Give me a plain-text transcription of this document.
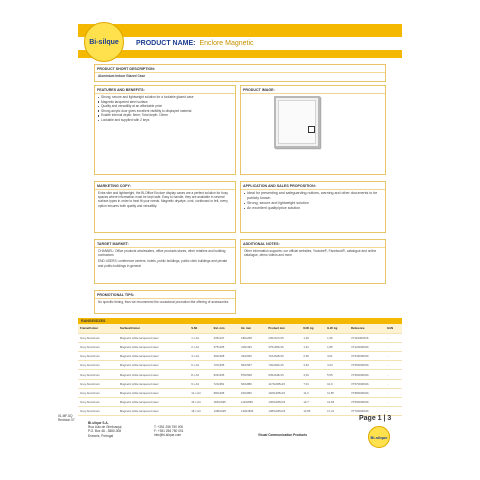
Bi-silque PRODUCT NAME: Enclore Magnetic
PRODUCT SHORT DESCRIPTION:
Aluminium Indoor Glazed Case
FEATURES AND BENEFITS:
Strong, secure and lightweight solution for a lockable glazed case
Magnetic lacquered steel surface
Quality and versatility at an affordable price
Strong acrylic door gives excellent visibility to displayed material
Enable internal depth: 8mm; Total depth: 15mm
Lockable and supplied with 2 keys
PRODUCT IMAGE:
MARKETING COPY:
Extra slim and lightweight, the Bi-Office Enclore display cases are a perfect solution for busy spaces where information must be kept safe. Easy to handle, they are available in several surface types in order to best fit your needs. Magnetic drywipe, cork, corkboard or felt, every option ensures both quality and versatility.
APPLICATION AND SALES PROPOSITION:
Ideal for presenting and safeguarding notices, warning and other documents to be publicly known
Strong, secure and lightweight solution
An excellent quality/price solution
TARGET MARKET:
CHANNEL: Office products wholesalers, office products stores, other retailers and building contractors
END USERS: conference centers, hotels, public buildings, public clerk buildings and private and public buildings in general
ADDITIONAL NOTES:
Other information supports: our official websites, Youtube®, Facebook®, catalogue and online catalogue, demo videos and more
PROMOTIONAL TIPS:
No specific timing, thus we recommend the occasional promotion like offering of accessories.
RANGE/SIZES
Frame/Colour	Surface/Colour	S.N1	Ext. mm	Int. mm	Product mm	N.W. kg	G.W. kg	Reference	EAN
Grey Aluminium	Magnetic white lacquered steel	1 x A4	236x347	180x268	236x347x15	1,20	1,36	VT110000016	-
Grey Aluminium	Magnetic white lacquered steel	2 x A4	375x465	318x393	375x465x15	1,61	1,88	VT120000016	-
Grey Aluminium	Magnetic white lacquered steel	4 x A4	490x628	434x560	710x628x15	2,50	4,01	VT640000016	-
Grey Aluminium	Magnetic white lacquered steel	6 x A4	720x635	663x567	720x600x15	3,63	4,34	VT650000016	-
Grey Aluminium	Magnetic white lacquered steel	8 x A4	933x635	878x568	935x648x15	4,03	5,55	VT660000016	-
Grey Aluminium	Magnetic white lacquered steel	9 x A4	720x951	663x886	1170x935x15	7,01	10,0	VT670000016	-
Grey Aluminium	Magnetic white lacquered steel	12 x A4	980x935	919x866	1180x935x15	11,3	11,55	VT680000016	-
Grey Aluminium	Magnetic white lacquered steel	15 x A4	1180x935	1119x866	1300x935x15	12,7	12,83	VT690000016	-
Grey Aluminium	Magnetic white lacquered steel	18 x A4	1380x935	1320x866	1380x935x15	13,65	17,21	VT700000016	-
01-MF-5Q
Revision 07
Bi-silque S.A.
Rua Lião de Gimbusqui,
P.O. Box 48 - 3880-308
Esmoriz, Portugal
T: +351 256 750 000
F: +351 256 750 001
info@bi-silque.com	Visual Communication Products
Page 1 | 3
Bi-silque
